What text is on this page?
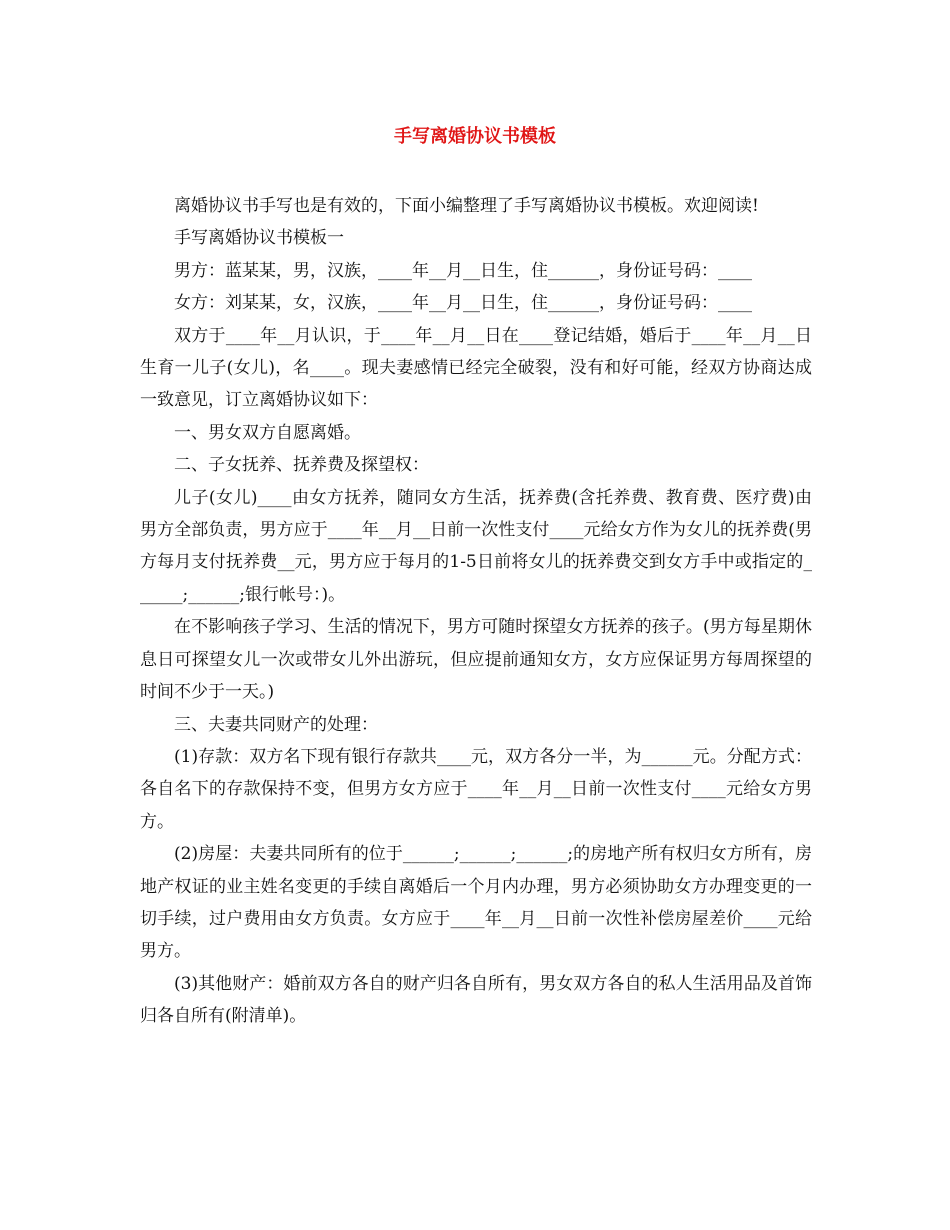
手写离婚协议书模板

离婚协议书手写也是有效的，下面小编整理了手写离婚协议书模板。欢迎阅读!

手写离婚协议书模板一

男方：蓝某某，男，汉族，____年__月__日生，住______，身份证号码：____

女方：刘某某，女，汉族，____年__月__日生，住______，身份证号码：____

双方于____年__月认识，于____年__月__日在____登记结婚，婚后于____年__月__日生育一儿子(女儿)，名____。现夫妻感情已经完全破裂，没有和好可能，经双方协商达成一致意见，订立离婚协议如下：

一、男女双方自愿离婚。

二、子女抚养、抚养费及探望权：

儿子(女儿)____由女方抚养，随同女方生活，抚养费(含托养费、教育费、医疗费)由男方全部负责，男方应于____年__月__日前一次性支付____元给女方作为女儿的抚养费(男方每月支付抚养费__元，男方应于每月的1-5日前将女儿的抚养费交到女方手中或指定的______;______;银行帐号：)。

在不影响孩子学习、生活的情况下，男方可随时探望女方抚养的孩子。(男方每星期休息日可探望女儿一次或带女儿外出游玩，但应提前通知女方，女方应保证男方每周探望的时间不少于一天。)

三、夫妻共同财产的处理：

(1)存款：双方名下现有银行存款共____元，双方各分一半，为______元。分配方式：各自名下的存款保持不变，但男方女方应于____年__月__日前一次性支付____元给女方男方。

(2)房屋：夫妻共同所有的位于______;______;______;的房地产所有权归女方所有，房地产权证的业主姓名变更的手续自离婚后一个月内办理，男方必须协助女方办理变更的一切手续，过户费用由女方负责。女方应于____年__月__日前一次性补偿房屋差价____元给男方。

(3)其他财产：婚前双方各自的财产归各自所有，男女双方各自的私人生活用品及首饰归各自所有(附清单)。
